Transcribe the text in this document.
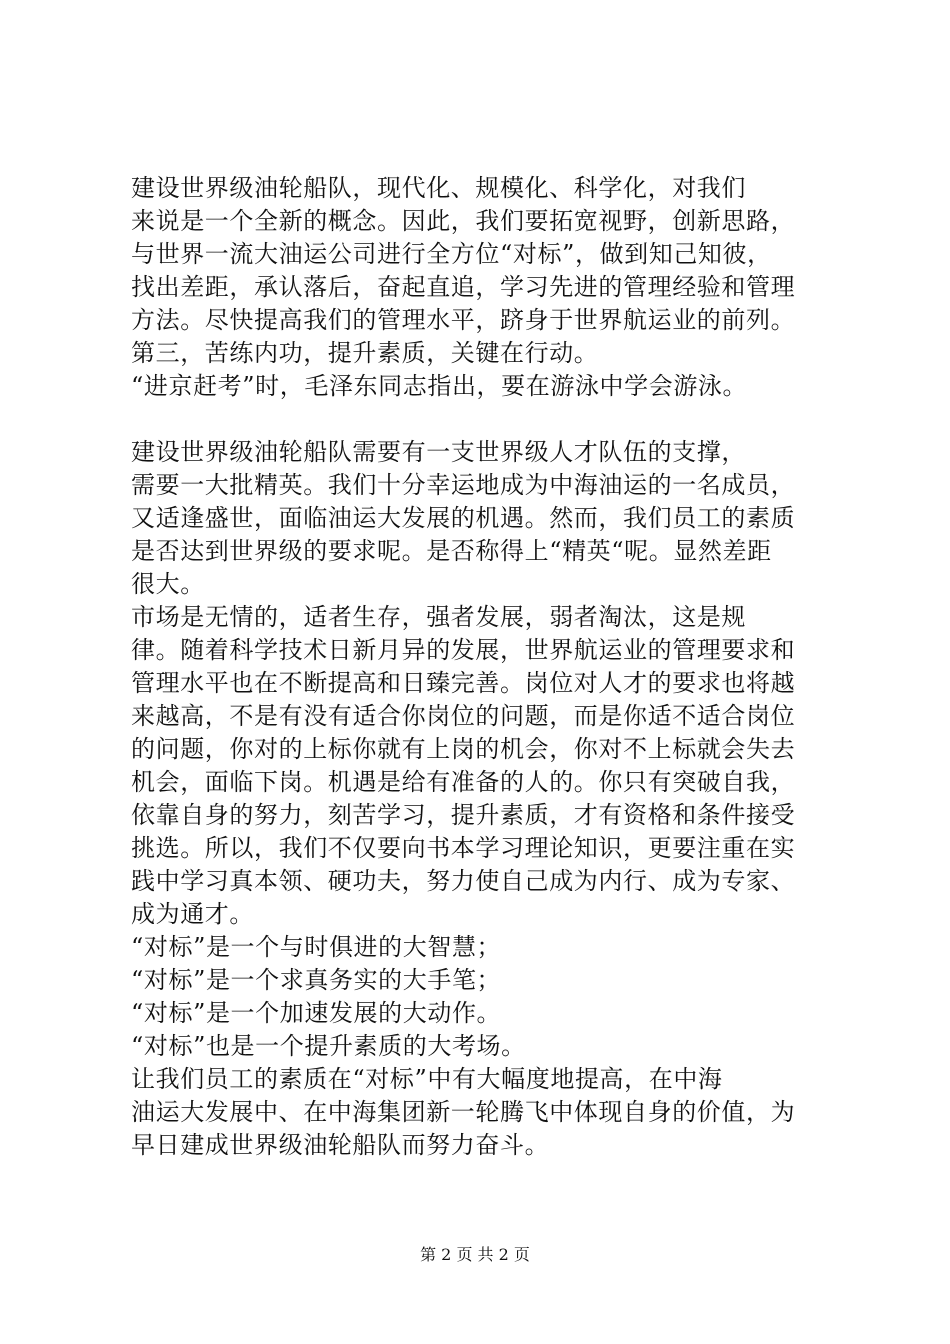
建设世界级油轮船队，现代化、规模化、科学化，对我们
来说是一个全新的概念。因此，我们要拓宽视野，创新思路，
与世界一流大油运公司进行全方位“对标”，做到知己知彼，
找出差距，承认落后，奋起直追，学习先进的管理经验和管理
方法。尽快提高我们的管理水平，跻身于世界航运业的前列。
第三，苦练内功，提升素质，关键在行动。
“进京赶考”时，毛泽东同志指出，要在游泳中学会游泳。
建设世界级油轮船队需要有一支世界级人才队伍的支撑，
需要一大批精英。我们十分幸运地成为中海油运的一名成员，
又适逢盛世，面临油运大发展的机遇。然而，我们员工的素质
是否达到世界级的要求呢。是否称得上“精英“呢。显然差距
很大。
市场是无情的，适者生存，强者发展，弱者淘汰，这是规
律。随着科学技术日新月异的发展，世界航运业的管理要求和
管理水平也在不断提高和日臻完善。岗位对人才的要求也将越
来越高，不是有没有适合你岗位的问题，而是你适不适合岗位
的问题，你对的上标你就有上岗的机会，你对不上标就会失去
机会，面临下岗。机遇是给有准备的人的。你只有突破自我，
依靠自身的努力，刻苦学习，提升素质，才有资格和条件接受
挑选。所以，我们不仅要向书本学习理论知识，更要注重在实
践中学习真本领、硬功夫，努力使自己成为内行、成为专家、
成为通才。
“对标”是一个与时俱进的大智慧；
“对标”是一个求真务实的大手笔；
“对标”是一个加速发展的大动作。
“对标”也是一个提升素质的大考场。
让我们员工的素质在“对标”中有大幅度地提高，在中海
油运大发展中、在中海集团新一轮腾飞中体现自身的价值，为
早日建成世界级油轮船队而努力奋斗。
第 2 页 共 2 页
